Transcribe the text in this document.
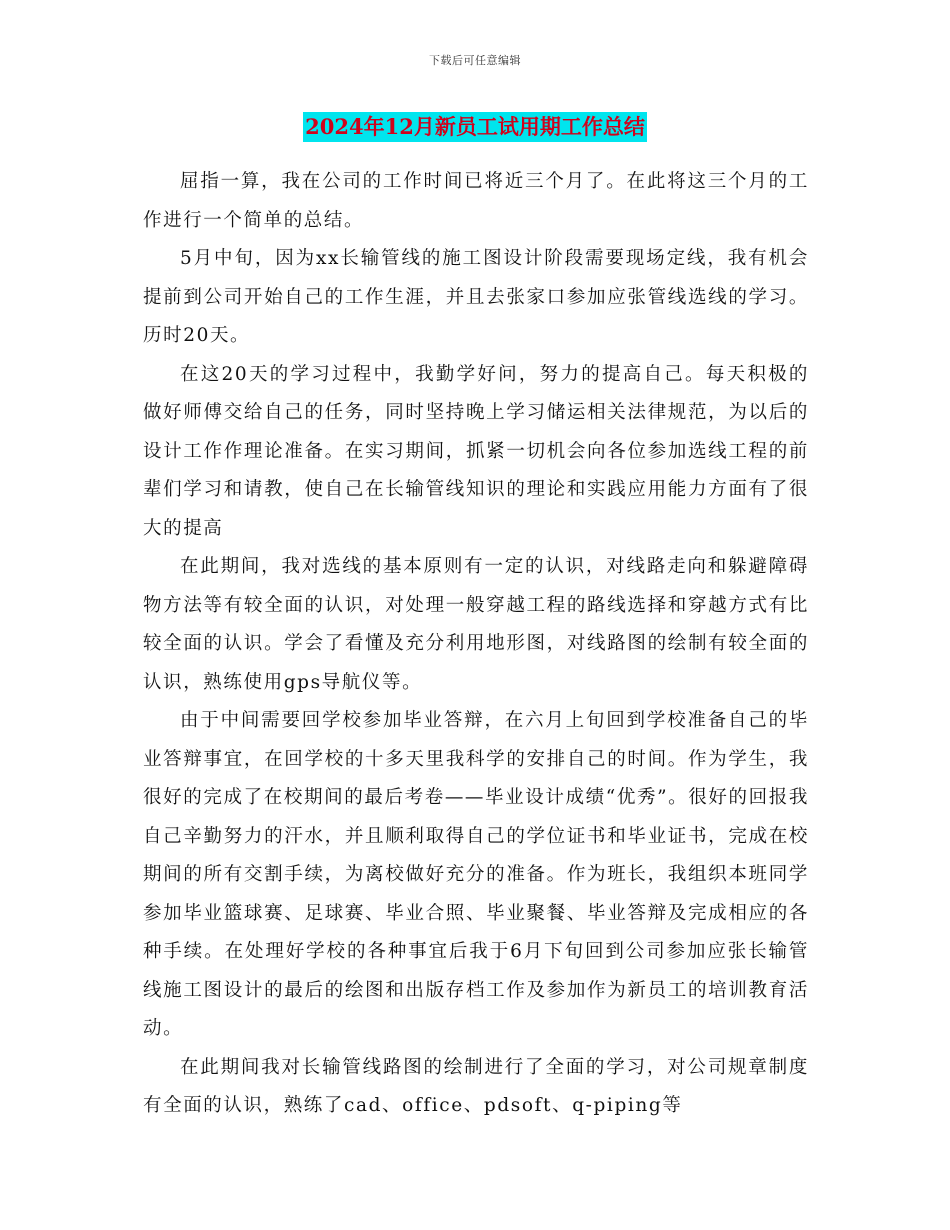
下载后可任意编辑
2024年12月新员工试用期工作总结

屈指一算，我在公司的工作时间已将近三个月了。在此将这三个月的工作进行一个简单的总结。

5月中旬，因为xx长输管线的施工图设计阶段需要现场定线，我有机会提前到公司开始自己的工作生涯，并且去张家口参加应张管线选线的学习。历时20天。

在这20天的学习过程中，我勤学好问，努力的提高自己。每天积极的做好师傅交给自己的任务，同时坚持晚上学习储运相关法律规范，为以后的设计工作作理论准备。在实习期间，抓紧一切机会向各位参加选线工程的前辈们学习和请教，使自己在长输管线知识的理论和实践应用能力方面有了很大的提高

在此期间，我对选线的基本原则有一定的认识，对线路走向和躲避障碍物方法等有较全面的认识，对处理一般穿越工程的路线选择和穿越方式有比较全面的认识。学会了看懂及充分利用地形图，对线路图的绘制有较全面的认识，熟练使用gps导航仪等。

由于中间需要回学校参加毕业答辩，在六月上旬回到学校准备自己的毕业答辩事宜，在回学校的十多天里我科学的安排自己的时间。作为学生，我很好的完成了在校期间的最后考卷——毕业设计成绩“优秀”。很好的回报我自己辛勤努力的汗水，并且顺利取得自己的学位证书和毕业证书，完成在校期间的所有交割手续，为离校做好充分的准备。作为班长，我组织本班同学参加毕业篮球赛、足球赛、毕业合照、毕业聚餐、毕业答辩及完成相应的各种手续。在处理好学校的各种事宜后我于6月下旬回到公司参加应张长输管线施工图设计的最后的绘图和出版存档工作及参加作为新员工的培训教育活动。

在此期间我对长输管线路图的绘制进行了全面的学习，对公司规章制度有全面的认识，熟练了cad、office、pdsoft、q-piping等
